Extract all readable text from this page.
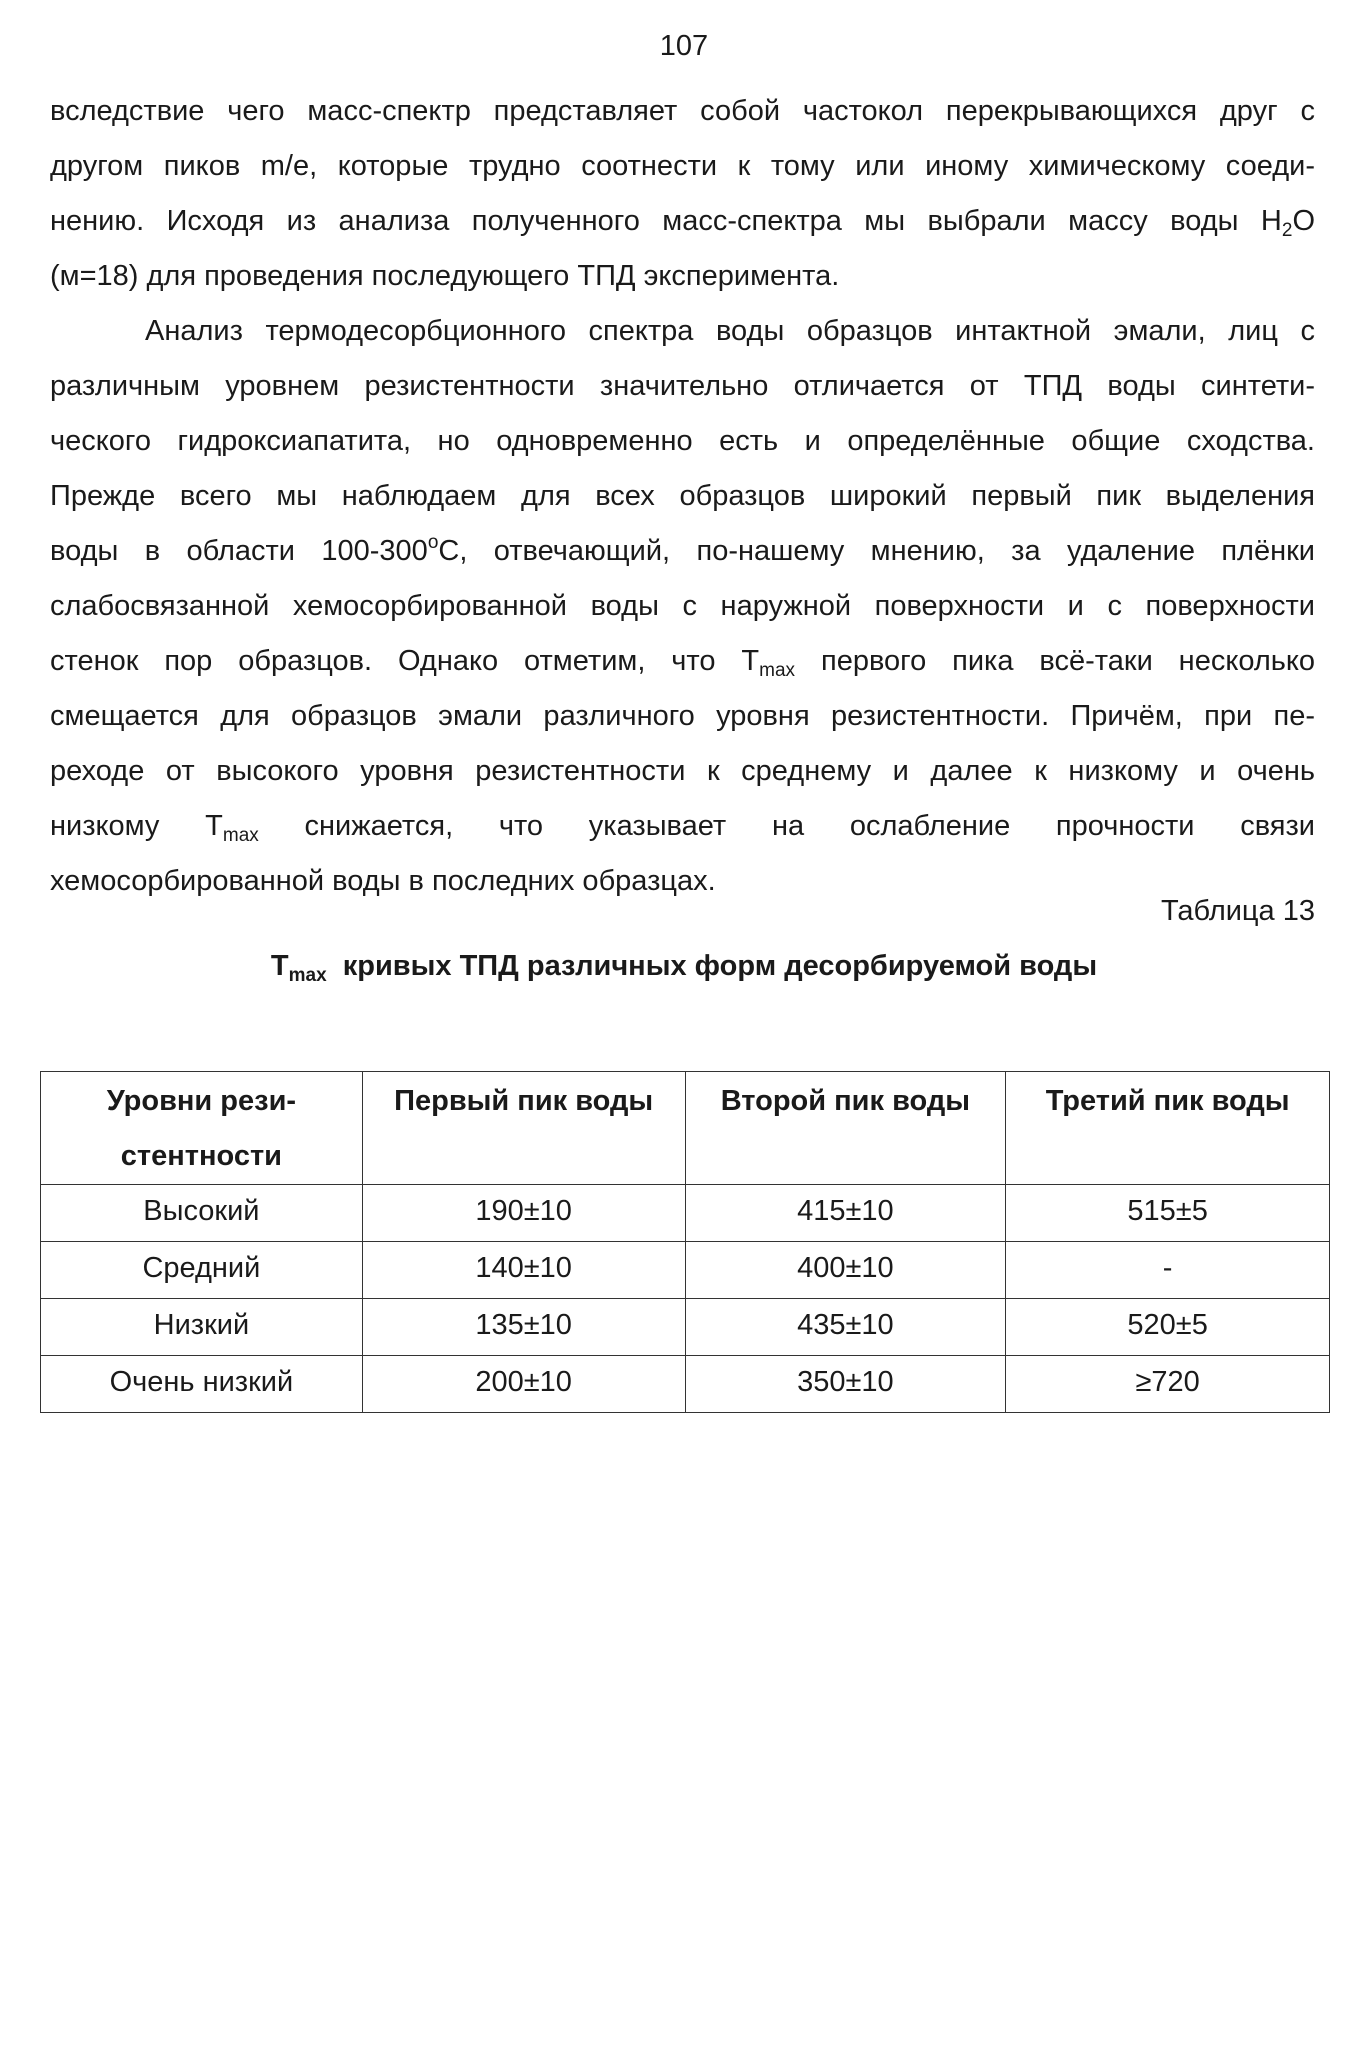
107
вследствие чего масс-спектр представляет собой частокол перекрывающихся друг с
другом пиков m/e, которые трудно соотнести к тому или иному химическому соеди-
нению. Исходя из анализа полученного масс-спектра мы выбрали массу воды $H_2O$
(м=18) для проведения последующего ТПД эксперимента.
Анализ термодесорбционного спектра воды образцов интактной эмали, лиц с
различным уровнем резистентности значительно отличается от ТПД воды синтети-
ческого гидроксиапатита, но одновременно есть и определённые общие сходства.
Прежде всего мы наблюдаем для всех образцов широкий первый пик выделения
воды в области 100-300$^o$С, отвечающий, по-нашему мнению, за удаление плёнки
слабосвязанной хемосорбированной воды с наружной поверхности и с поверхности
стенок пор образцов. Однако отметим, что $Т_{max}$ первого пика всё-таки несколько
смещается для образцов эмали различного уровня резистентности. Причём, при пе-
реходе от высокого уровня резистентности к среднему и далее к низкому и очень
низкому $Т_{max}$ снижается, что указывает на ослабление прочности связи
хемосорбированной воды в последних образцах.
Таблица 13
$Т_{max}$  кривых ТПД различных форм десорбируемой воды
Уровни рези-
стентности	Первый пик воды	Второй пик воды	Третий пик воды
Высокий	190±10	415±10	515±5
Средний	140±10	400±10	-
Низкий	135±10	435±10	520±5
Очень низкий	200±10	350±10	≥720
